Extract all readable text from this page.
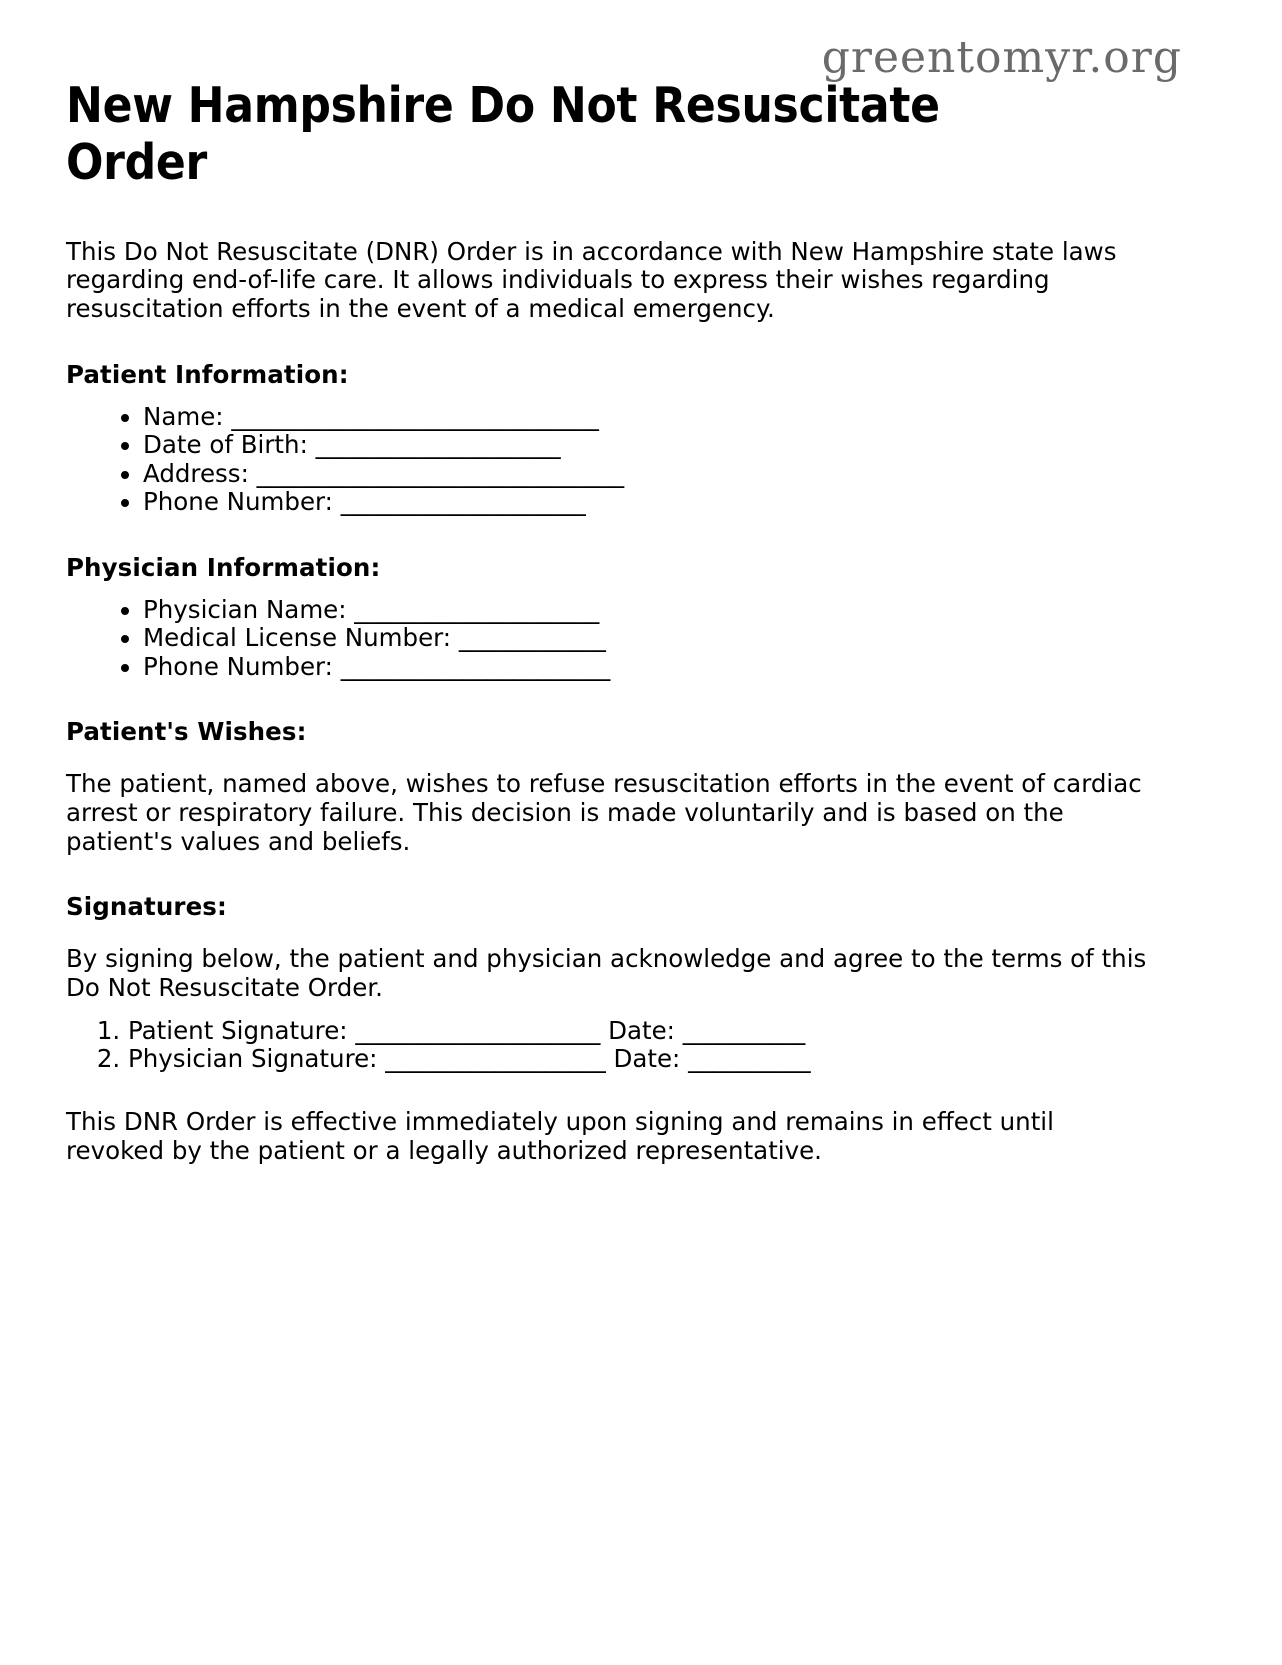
greentomyr.org
New Hampshire Do Not Resuscitate Order

This Do Not Resuscitate (DNR) Order is in accordance with New Hampshire state laws regarding end-of-life care. It allows individuals to express their wishes regarding resuscitation efforts in the event of a medical emergency.

Patient Information:
• Name: ______________________________
• Date of Birth: ____________________
• Address: ______________________________
• Phone Number: ____________________
Physician Information:
• Physician Name: ____________________
• Medical License Number: ____________
• Phone Number: ______________________
Patient's Wishes:

The patient, named above, wishes to refuse resuscitation efforts in the event of cardiac arrest or respiratory failure. This decision is made voluntarily and is based on the patient's values and beliefs.

Signatures:

By signing below, the patient and physician acknowledge and agree to the terms of this Do Not Resuscitate Order.

1. Patient Signature: ____________________ Date: __________
2. Physician Signature: __________________ Date: __________

This DNR Order is effective immediately upon signing and remains in effect until revoked by the patient or a legally authorized representative.
